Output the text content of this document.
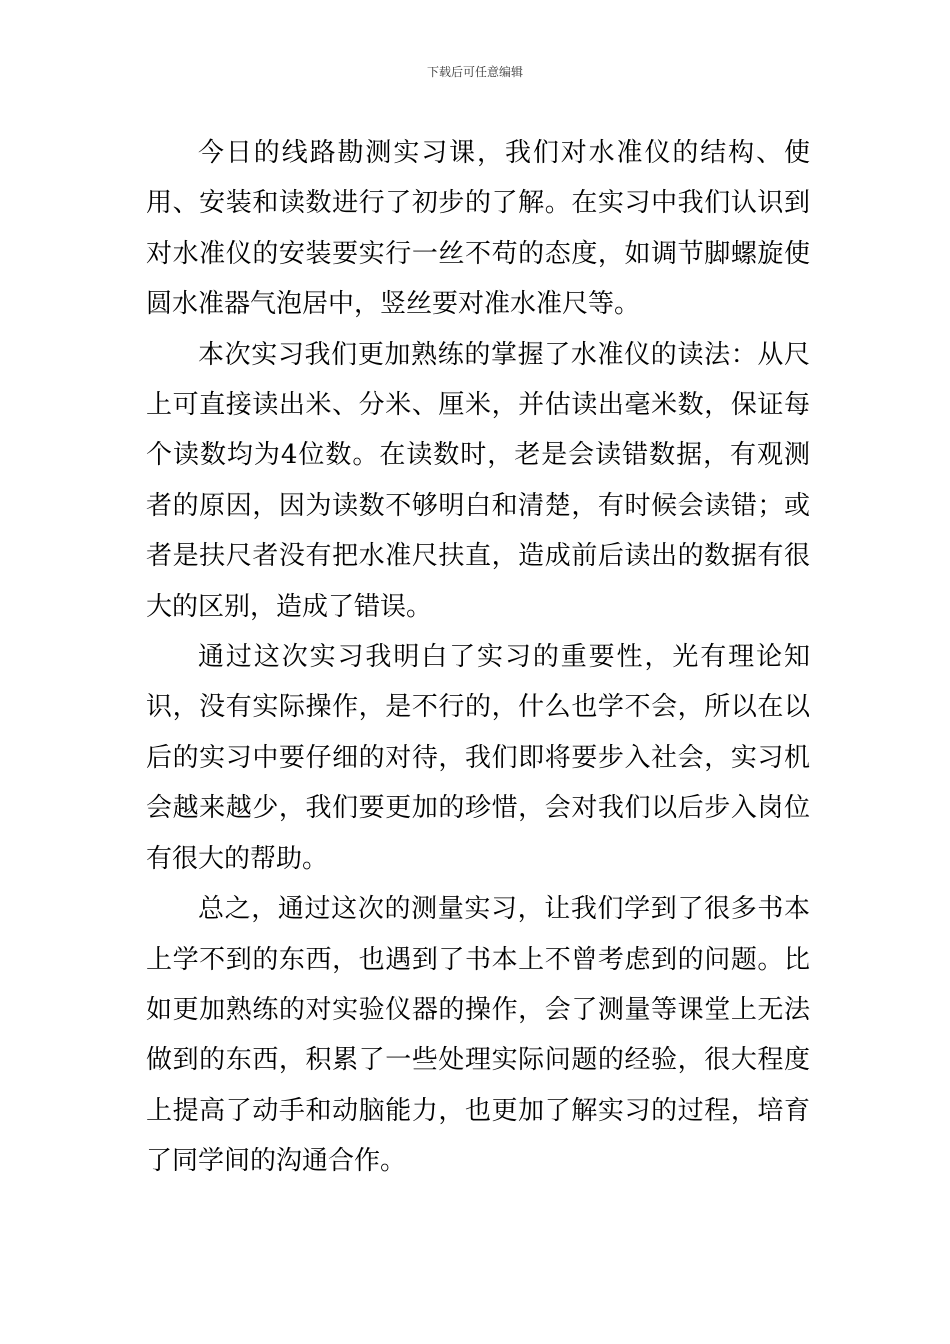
下载后可任意编辑

今日的线路勘测实习课，我们对水准仪的结构、使用、安装和读数进行了初步的了解。在实习中我们认识到对水准仪的安装要实行一丝不苟的态度，如调节脚螺旋使圆水准器气泡居中，竖丝要对准水准尺等。

本次实习我们更加熟练的掌握了水准仪的读法：从尺上可直接读出米、分米、厘米，并估读出毫米数，保证每个读数均为4位数。在读数时，老是会读错数据，有观测者的原因，因为读数不够明白和清楚，有时候会读错；或者是扶尺者没有把水准尺扶直，造成前后读出的数据有很大的区别，造成了错误。

通过这次实习我明白了实习的重要性，光有理论知识，没有实际操作，是不行的，什么也学不会，所以在以后的实习中要仔细的对待，我们即将要步入社会，实习机会越来越少，我们要更加的珍惜，会对我们以后步入岗位有很大的帮助。

总之，通过这次的测量实习，让我们学到了很多书本上学不到的东西，也遇到了书本上不曾考虑到的问题。比如更加熟练的对实验仪器的操作，会了测量等课堂上无法做到的东西，积累了一些处理实际问题的经验，很大程度上提高了动手和动脑能力，也更加了解实习的过程，培育了同学间的沟通合作。
